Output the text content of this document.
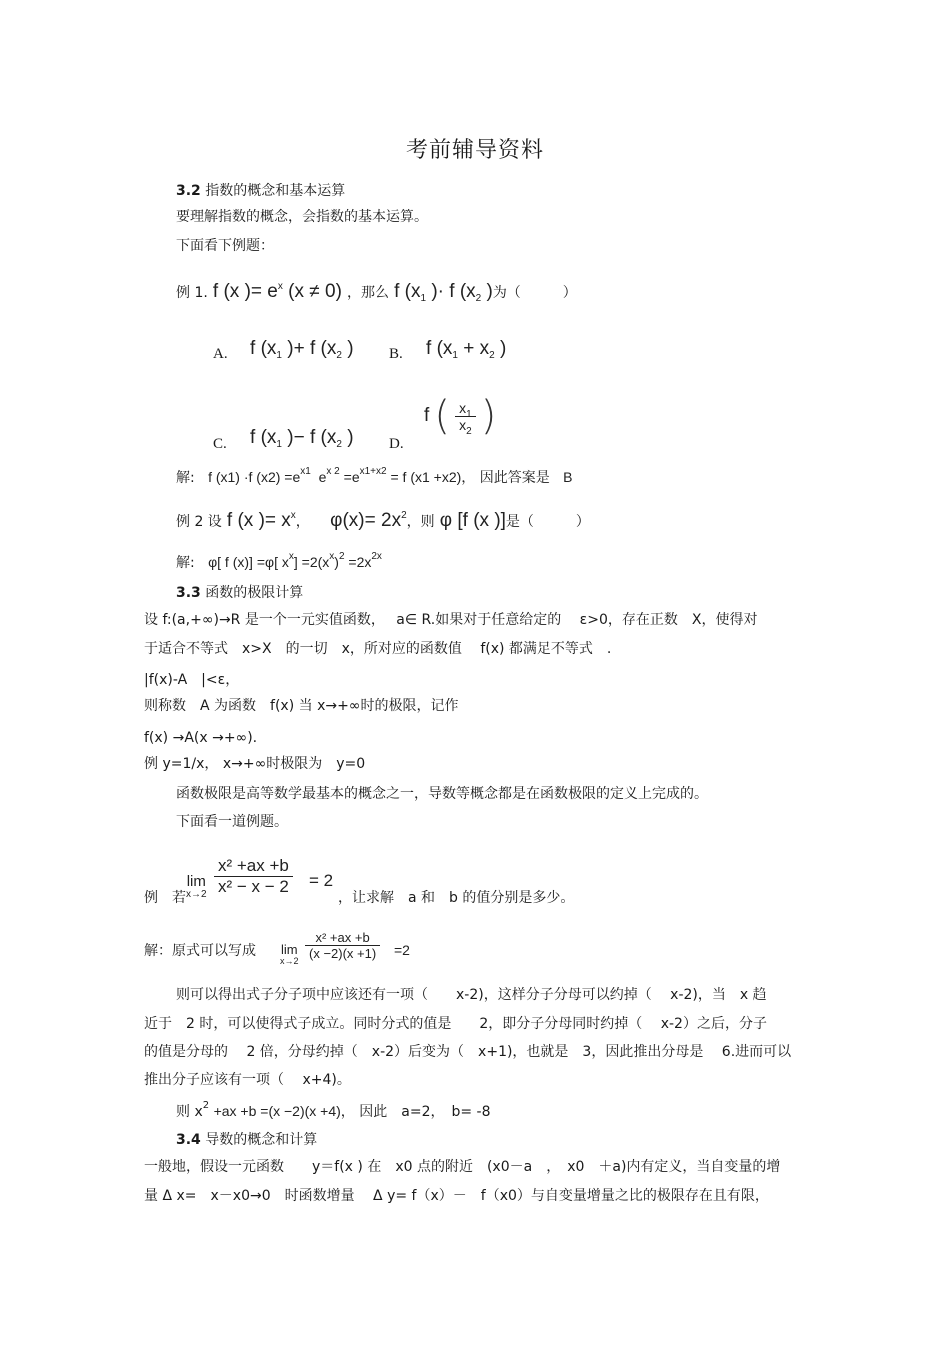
考前辅导资料
3.2 指数的概念和基本运算
要理解指数的概念，会指数的基本运算。
下面看下例题：
例 1. f (x )= $e^x$ (x ≠ 0) ，那么 f ($x_1$ )· f ($x_2$ )为（　　　）
A. f ($x_1$ )+ f ($x_2$ ) B. f ($x_1 + x_2$ )
C. f ($x_1$ )− f ($x_2$ ) D.
f ( $\frac{x_1}{x_2}$ )
解: f (x1) ·f $(x2) =e^{x1}$ $e^{x 2} =e^{x1+x2} = f$ (x1 +x2)， 因此答案是 B
例 2 设 f (x )= $x^x$， $\varphi(x)= 2x^2$，则 φ [f (x )]是（　　　）
解: φ[ f (x)] =φ[ $x^x] =2(x^x)^2 =2x^{2x}$
3.3 函数的极限计算
设 f:(a,+∞)→R 是一个一元实值函数，　 a∈ R.如果对于任意给定的　 ε>0，存在正数　X，使得对
于适合不等式　x>X　的一切　x，所对应的函数值　 f(x) 都满足不等式　.
|f(x)-A　|<ε，
则称数　A 为函数　f(x) 当 x→+∞时的极限，记作
f(x) →A(x →+∞).
例 y=1/x， x→+∞时极限为　y=0
函数极限是高等数学最基本的概念之一，导数等概念都是在函数极限的定义上完成的。
下面看一道例题。
例　若
lim
$x\to 2 \frac{\text{x² +ax +b}}{\text{x² − x − 2}} = 2$
，让求解　a 和　b 的值分别是多少。
解：原式可以写成 lim
$x\to 2 \frac{\text{x² +ax +b}}{(x -2)(x +1)} =2$
则可以得出式子分子项中应该还有一项（　　x-2)，这样分子分母可以约掉（　 x-2)，当　x 趋
近于　2 时，可以使得式子成立。同时分式的值是　　2，即分子分母同时约掉（　 x-2）之后，分子
的值是分母的　 2 倍，分母约掉（　x-2）后变为（　x+1)，也就是　3，因此推出分母是　 6.进而可以
推出分子应该有一项（　 x+4)。
则 $x^2 +ax +b =(x -2)(x +4)$， 因此　a=2，　b= -8
3.4 导数的概念和计算
一般地，假设一元函数　　y＝f(x ) 在　x0 点的附近　(x0－a　，　x0　＋a)内有定义，当自变量的增
量 Δ x=　x－x0→0　时函数增量　 Δ y= f（x）－　f（x0）与自变量增量之比的极限存在且有限，
